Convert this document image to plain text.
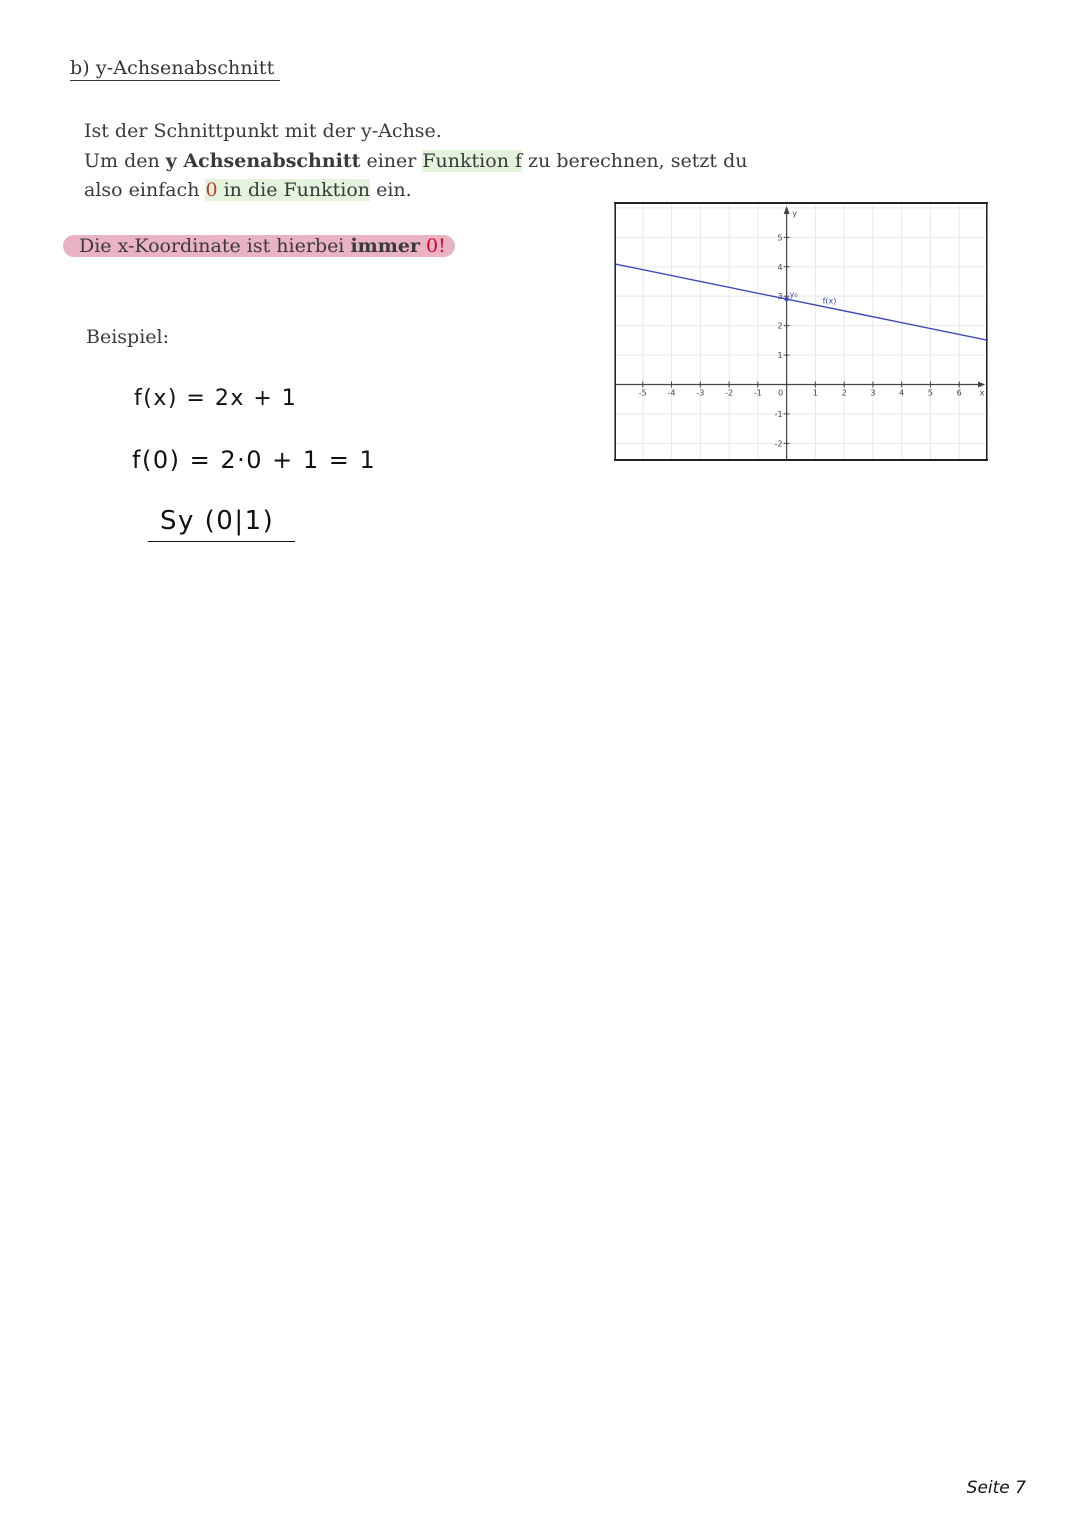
b) y-Achsenabschnitt

Ist der Schnittpunkt mit der y-Achse.

Um den y Achsenabschnitt einer Funktion f zu berechnen, setzt du

also einfach 0 in die Funktion ein.

Die x-Koordinate ist hierbei immer 0!
Beispiel:
f(x) = 2x + 1
f(0) = 2·0 + 1 = 1
Sy (0|1)
-5	-4	-3	-2	-1 0	1	2	3	4	5	6
5
4
3
2
1
-1
-2
x
y
y₀
f(x)
Seite 7
